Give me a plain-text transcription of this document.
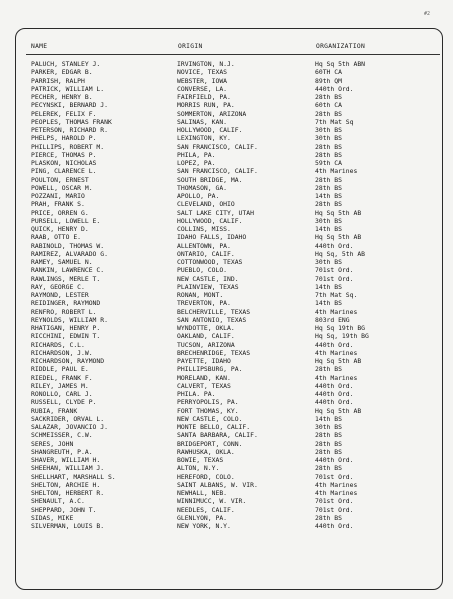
#2
NAME	ORIGIN	ORGANIZATION
PALUCH, STANLEY J.	IRVINGTON, N.J.	Hq Sq 5th ABN
PARKER, EDGAR B.	NOVICE, TEXAS	60TH CA
PARRISH, RALPH	WEBSTER, IOWA	89th QM
PATRICK, WILLIAM L.	CONVERSE, LA.	440th Ord.
PECHER, HENRY B.	FAIRFIELD, PA.	28th BS
PECYNSKI, BERNARD J.	MORRIS RUN, PA.	60th CA
PELEREK, FELIX F.	SOMMERTON, ARIZONA	28th BS
PEOPLES, THOMAS FRANK	SALINAS, KAN.	7th Mat Sq
PETERSON, RICHARD R.	HOLLYWOOD, CALIF.	30th BS
PHELPS, HAROLD P.	LEXINGTON, KY.	30th BS
PHILLIPS, ROBERT M.	SAN FRANCISCO, CALIF.	28th BS
PIERCE, THOMAS P.	PHILA, PA.	28th BS
PLASKON, NICHOLAS	LOPEZ, PA.	59th CA
PING, CLARENCE L.	SAN FRANCISCO, CALIF.	4th Marines
POULTON, ERNEST	SOUTH BRIDGE, MA.	28th BS
POWELL, OSCAR M.	THOMASON, GA.	28th BS
POZZANI, MARIO	APOLLO, PA.	14th BS
PRAH, FRANK S.	CLEVELAND, OHIO	28th BS
PRICE, ORREN G.	SALT LAKE CITY, UTAH	Hq Sq 5th AB
PURSELL, LOWELL E.	HOLLYWOOD, CALIF.	30th BS
QUICK, HENRY D.	COLLINS, MISS.	14th BS
RAAB, OTTO E.	IDAHO FALLS, IDAHO	Hq Sq 5th AB
RABINOLD, THOMAS W.	ALLENTOWN, PA.	440th Ord.
RAMIREZ, ALVARADO G.	ONTARIO, CALIF.	Hq Sq, 5th AB
RAMEY, SAMUEL N.	COTTONWOOD, TEXAS	30th BS
RANKIN, LAWRENCE C.	PUEBLO, COLO.	701st Ord.
RAWLINGS, MERLE T.	NEW CASTLE, IND.	701st Ord.
RAY, GEORGE C.	PLAINVIEW, TEXAS	14th BS
RAYMOND, LESTER	RONAN, MONT.	7th Mat Sq.
REIDINGER, RAYMOND	TREVERTON, PA.	14th BS
RENFRO, ROBERT L.	BELCHERVILLE, TEXAS	4th Marines
REYNOLDS, WILLIAM R.	SAN ANTONIO, TEXAS	803rd ENG
RHATIGAN, HENRY P.	WYNDOTTE, OKLA.	Hq Sq 19th BG
RICCHINI, EDWIN T.	OAKLAND, CALIF.	Hq Sq, 19th BG
RICHARDS, C.L.	TUCSON, ARIZONA	440th Ord.
RICHARDSON, J.W.	BRECHENRIDGE, TEXAS	4th Marines
RICHARDSON, RAYMOND	PAYETTE, IDAHO	Hq Sq 5th AB
RIDDLE, PAUL E.	PHILLIPSBURG, PA.	28th BS
RIEDEL, FRANK F.	MORELAND, KAN.	4th Marines
RILEY, JAMES M.	CALVERT, TEXAS	440th Ord.
RONOLLO, CARL J.	PHILA. PA.	440th Ord.
RUSSELL, CLYDE P.	PERRYOPOLIS, PA.	440th Ord.
RUBIA, FRANK	FORT THOMAS, KY.	Hq Sq 5th AB
SACKRIDER, ORVAL L.	NEW CASTLE, COLO.	14th BS
SALAZAR, JOVANCIO J.	MONTE BELLO, CALIF.	30th BS
SCHMEISSER, C.W.	SANTA BARBARA, CALIF.	28th BS
SERES, JOHN	BRIDGEPORT, CONN.	28th BS
SHANGREUTH, P.A.	RAWHUSKA, OKLA.	28th BS
SHAVER, WILLIAM H.	BOWIE, TEXAS	440th Ord.
SHEEHAN, WILLIAM J.	ALTON, N.Y.	28th BS
SHELLHART, MARSHALL S.	HEREFORD, COLO.	701st Ord.
SHELTON, ARCHIE H.	SAINT ALBANS, W. VIR.	4th Marines
SHELTON, HERBERT R.	NEWHALL, NEB.	4th Marines
SHENAULT, A.C.	WINNIMUCC, W. VIR.	701st Ord.
SHEPPARD, JOHN T.	NEEDLES, CALIF.	701st Ord.
SIDAS, MIKE	GLENLYON, PA.	28th BS
SILVERMAN, LOUIS B.	NEW YORK, N.Y.	440th Ord.
